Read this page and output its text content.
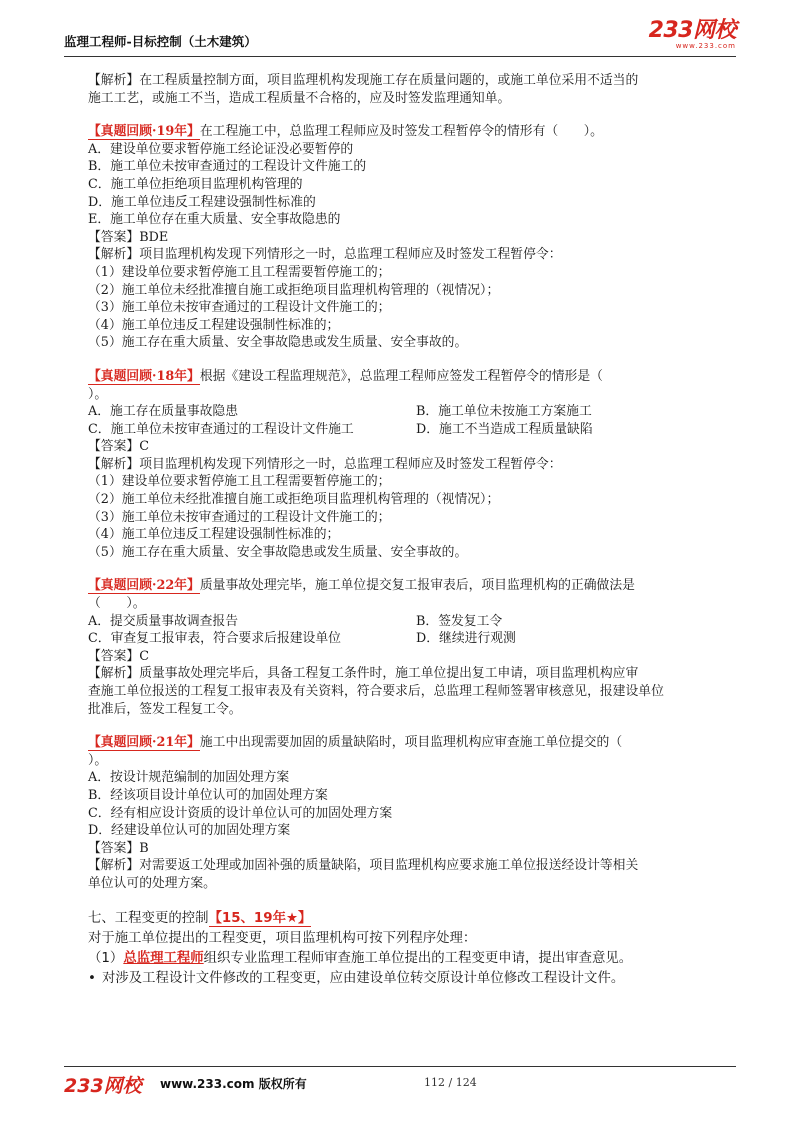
监理工程师-目标控制（土木建筑）	233网校
www.233.com

【解析】在工程质量控制方面，项目监理机构发现施工存在质量问题的，或施工单位采用不适当的

施工工艺，或施工不当，造成工程质量不合格的，应及时签发监理通知单。

【真题回顾·19年】在工程施工中，总监理工程师应及时签发工程暂停令的情形有（　　）。

A．建设单位要求暂停施工经论证没必要暂停的

B．施工单位未按审查通过的工程设计文件施工的

C．施工单位拒绝项目监理机构管理的

D．施工单位违反工程建设强制性标准的

E．施工单位存在重大质量、安全事故隐患的

【答案】BDE

【解析】项目监理机构发现下列情形之一时，总监理工程师应及时签发工程暂停令：

（1）建设单位要求暂停施工且工程需要暂停施工的；

（2）施工单位未经批准擅自施工或拒绝项目监理机构管理的（视情况）；

（3）施工单位未按审查通过的工程设计文件施工的；

（4）施工单位违反工程建设强制性标准的；

（5）施工存在重大质量、安全事故隐患或发生质量、安全事故的。

【真题回顾·18年】根据《建设工程监理规范》，总监理工程师应签发工程暂停令的情形是（

）。

A．施工存在质量事故隐患	B．施工单位未按施工方案施工
C．施工单位未按审查通过的工程设计文件施工	D．施工不当造成工程质量缺陷

【答案】C

【解析】项目监理机构发现下列情形之一时，总监理工程师应及时签发工程暂停令：

（1）建设单位要求暂停施工且工程需要暂停施工的；

（2）施工单位未经批准擅自施工或拒绝项目监理机构管理的（视情况）；

（3）施工单位未按审查通过的工程设计文件施工的；

（4）施工单位违反工程建设强制性标准的；

（5）施工存在重大质量、安全事故隐患或发生质量、安全事故的。

【真题回顾·22年】质量事故处理完毕，施工单位提交复工报审表后，项目监理机构的正确做法是

（　　）。

A．提交质量事故调查报告	B．签发复工令
C．审查复工报审表，符合要求后报建设单位	D．继续进行观测

【答案】C

【解析】质量事故处理完毕后，具备工程复工条件时，施工单位提出复工申请，项目监理机构应审

查施工单位报送的工程复工报审表及有关资料，符合要求后，总监理工程师签署审核意见，报建设单位

批准后，签发工程复工令。

【真题回顾·21年】施工中出现需要加固的质量缺陷时，项目监理机构应审查施工单位提交的（

）。

A．按设计规范编制的加固处理方案

B．经该项目设计单位认可的加固处理方案

C．经有相应设计资质的设计单位认可的加固处理方案

D．经建设单位认可的加固处理方案

【答案】B

【解析】对需要返工处理或加固补强的质量缺陷，项目监理机构应要求施工单位报送经设计等相关

单位认可的处理方案。

七、工程变更的控制【15、19年★】

对于施工单位提出的工程变更，项目监理机构可按下列程序处理：

（1）总监理工程师组织专业监理工程师审查施工单位提出的工程变更申请，提出审查意见。

• 对涉及工程设计文件修改的工程变更，应由建设单位转交原设计单位修改工程设计文件。
233网校 www.233.com 版权所有	112 / 124
